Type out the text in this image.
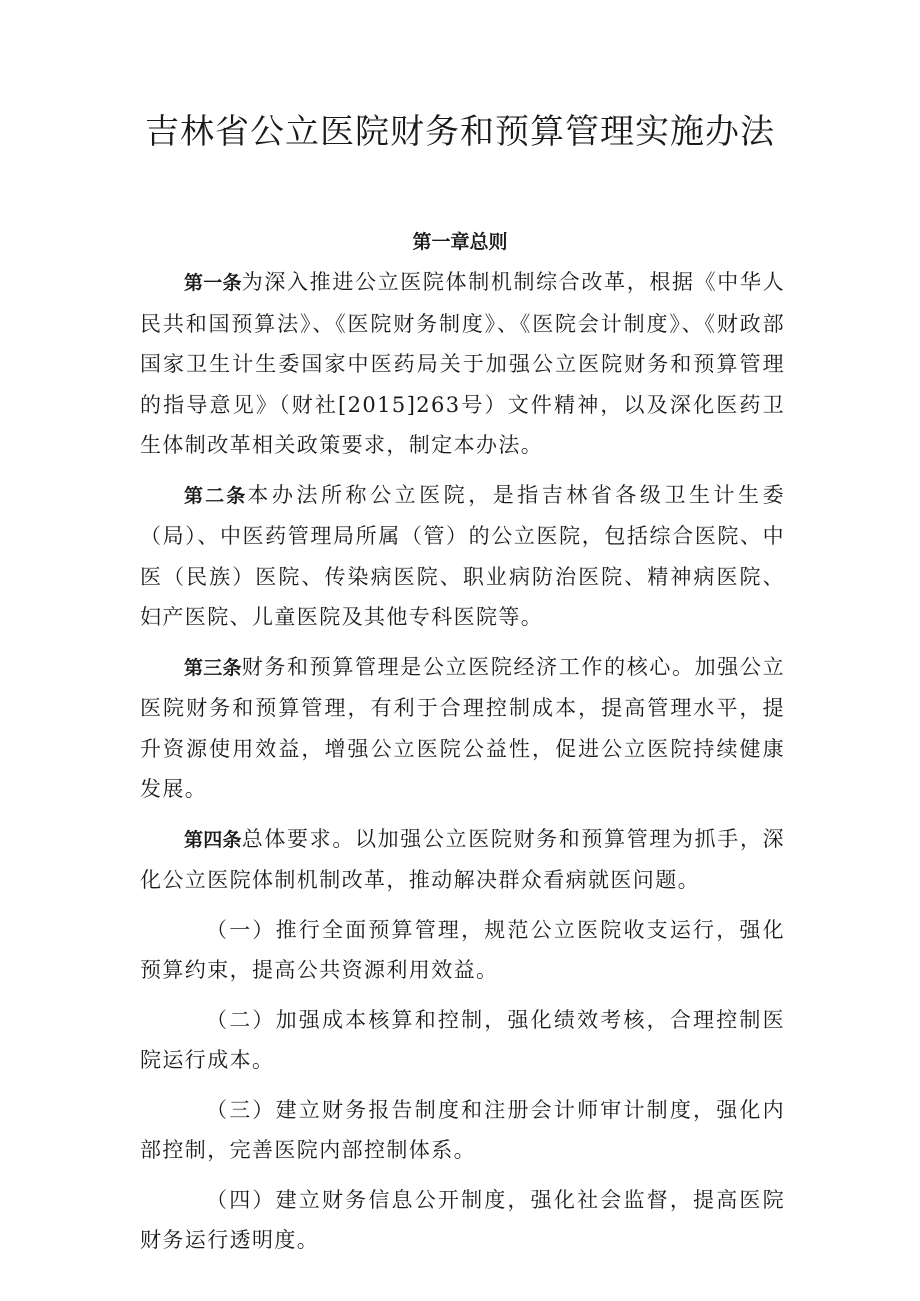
吉林省公立医院财务和预算管理实施办法
第一章总则

第一条为深入推进公立医院体制机制综合改革，根据《中华人民共和国预算法》、《医院财务制度》、《医院会计制度》、《财政部国家卫生计生委国家中医药局关于加强公立医院财务和预算管理的指导意见》（财社[2015]263号）文件精神，以及深化医药卫生体制改革相关政策要求，制定本办法。

第二条本办法所称公立医院，是指吉林省各级卫生计生委（局）、中医药管理局所属（管）的公立医院，包括综合医院、中医（民族）医院、传染病医院、职业病防治医院、精神病医院、妇产医院、儿童医院及其他专科医院等。

第三条财务和预算管理是公立医院经济工作的核心。加强公立医院财务和预算管理，有利于合理控制成本，提高管理水平，提升资源使用效益，增强公立医院公益性，促进公立医院持续健康发展。

第四条总体要求。以加强公立医院财务和预算管理为抓手，深化公立医院体制机制改革，推动解决群众看病就医问题。

（一）推行全面预算管理，规范公立医院收支运行，强化预算约束，提高公共资源利用效益。

（二）加强成本核算和控制，强化绩效考核，合理控制医院运行成本。

（三）建立财务报告制度和注册会计师审计制度，强化内部控制，完善医院内部控制体系。

（四）建立财务信息公开制度，强化社会监督，提高医院财务运行透明度。
